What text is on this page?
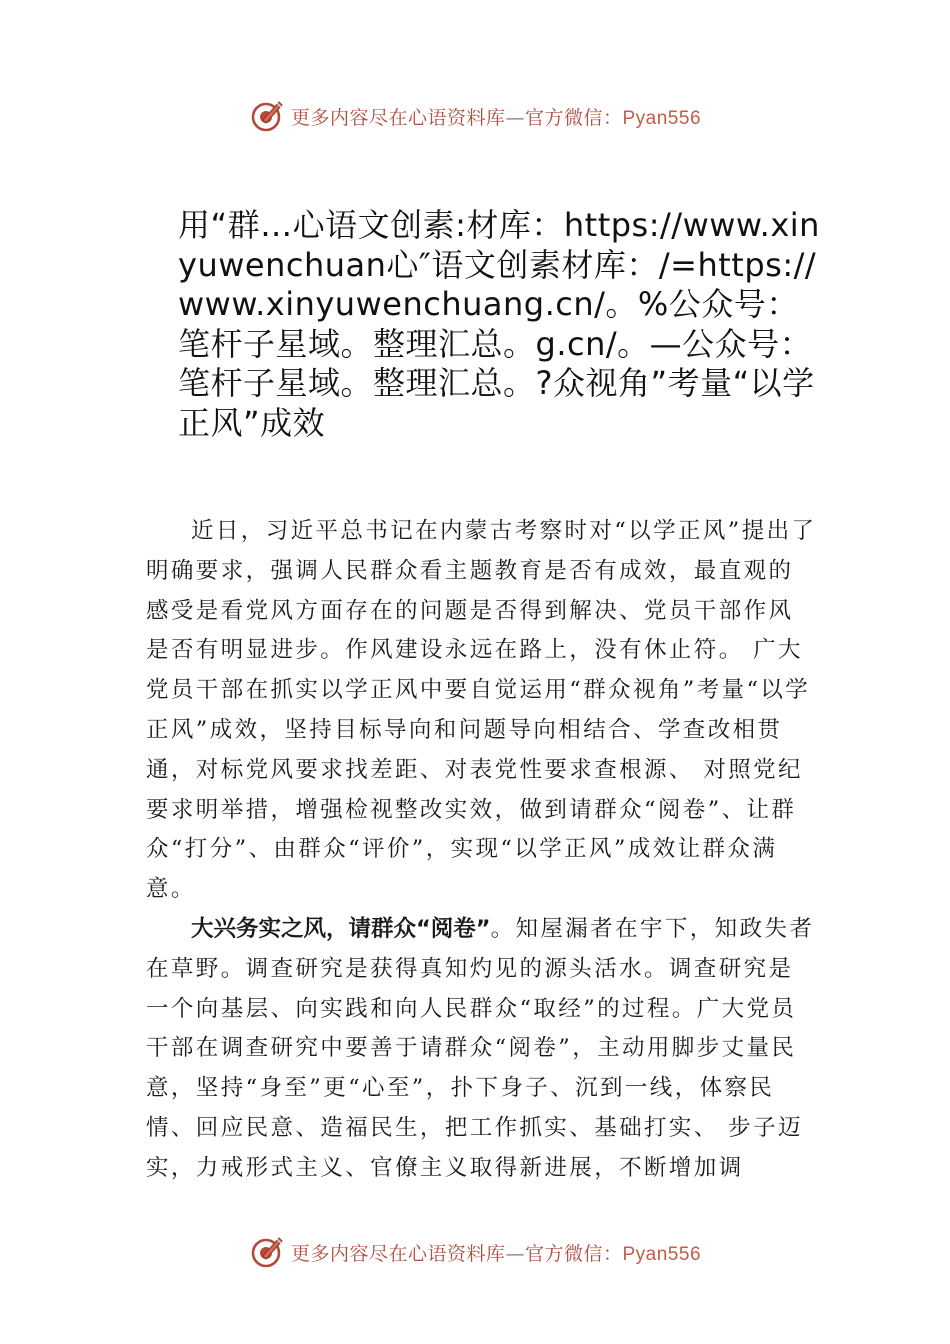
更多内容尽在心语资料库—官方微信：Pyan556
用“群…心语文创素:材库：https://www.xinyuwenchuan心″语文创素材库：/=https://www.xinyuwenchuang.cn/。%公众号：笔杆子星域。整理汇总。g.cn/。—公众号：笔杆子星域。整理汇总。?众视角”考量“以学正风”成效

近日，习近平总书记在内蒙古考察时对“以学正风”提出了明确要求，强调人民群众看主题教育是否有成效，最直观的感受是看党风方面存在的问题是否得到解决、党员干部作风是否有明显进步。作风建设永远在路上，没有休止符。 广大党员干部在抓实以学正风中要自觉运用“群众视角”考量“以学正风”成效，坚持目标导向和问题导向相结合、学查改相贯通，对标党风要求找差距、对表党性要求查根源、 对照党纪要求明举措，增强检视整改实效，做到请群众“阅卷”、让群众“打分”、由群众“评价”，实现“以学正风”成效让群众满意。

大兴务实之风，请群众“阅卷”。知屋漏者在宇下，知政失者在草野。调查研究是获得真知灼见的源头活水。调查研究是一个向基层、向实践和向人民群众“取经”的过程。广大党员干部在调查研究中要善于请群众“阅卷”，主动用脚步丈量民意，坚持“身至”更“心至”，扑下身子、沉到一线，体察民情、回应民意、造福民生，把工作抓实、基础打实、 步子迈实，力戒形式主义、官僚主义取得新进展，不断增加调

更多内容尽在心语资料库—官方微信：Pyan556
